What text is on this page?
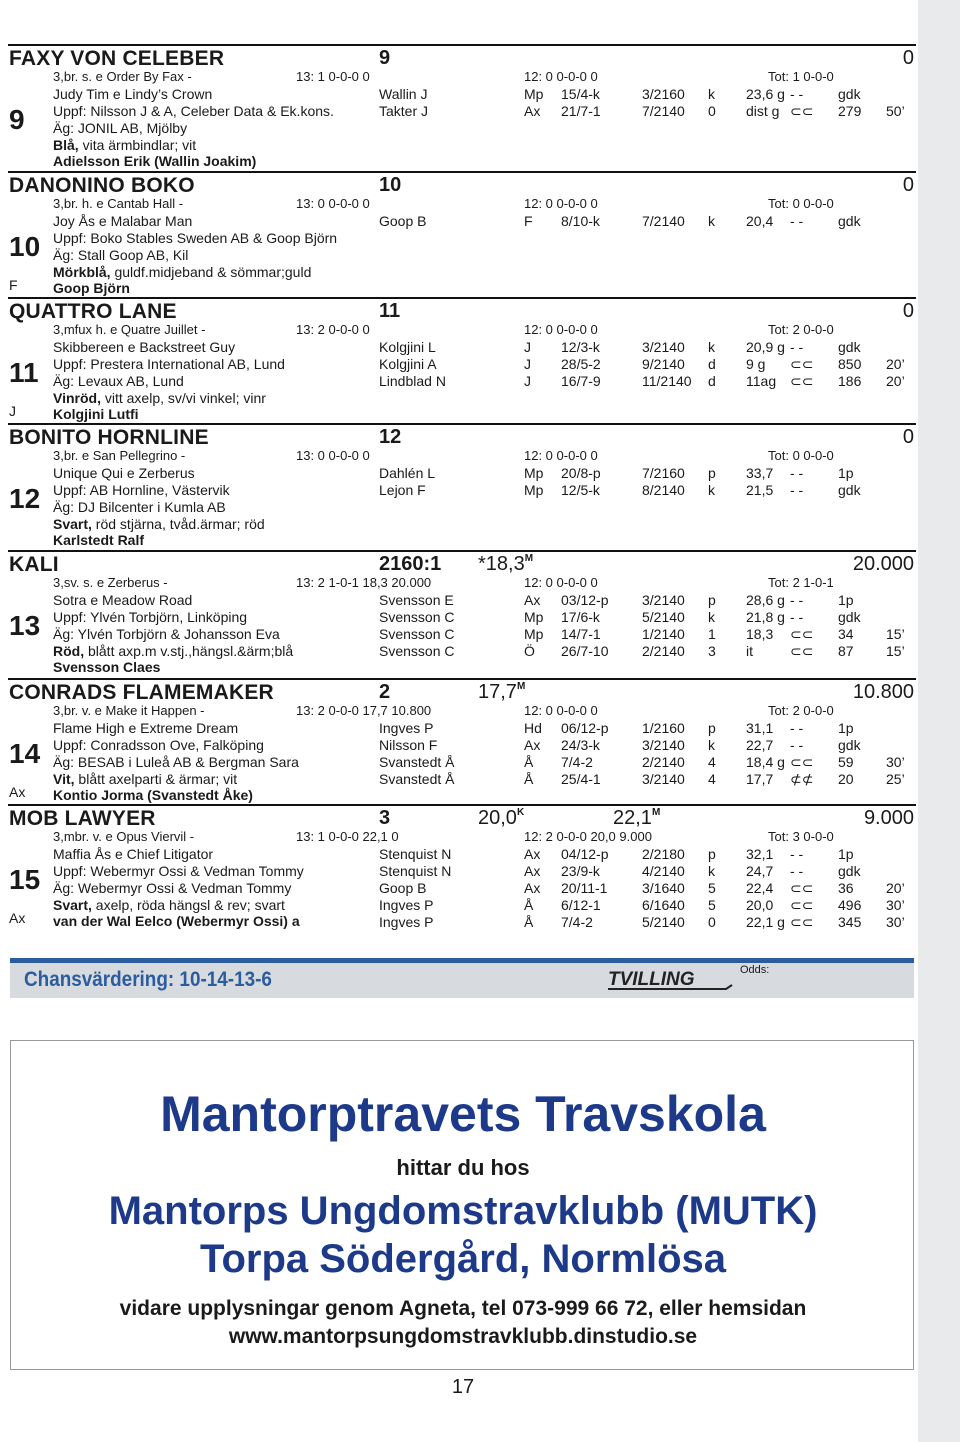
FAXY VON CELEBER	9	0
3,br. s. e Order By Fax -	13: 1 0-0-0 0	12: 0 0-0-0 0	Tot: 1 0-0-0
Judy Tim e Lindy’s Crown
Uppf: Nilsson J & A, Celeber Data & Ek.kons.
Äg: JONIL AB, Mjölby
Blå, vita ärmbindlar; vit
Adielsson Erik (Wallin Joakim)
9
Wallin J	Mp 15/4-k	3/2160 k 23,6 g - - gdk
Takter J	Ax 21/7-1	7/2140 0 dist g ⊂⊂ 279 50’
DANONINO BOKO	10	0
3,br. h. e Cantab Hall -	13: 0 0-0-0 0	12: 0 0-0-0 0	Tot: 0 0-0-0
Joy Ås e Malabar Man
Uppf: Boko Stables Sweden AB & Goop Björn
Äg: Stall Goop AB, Kil
Mörkblå, guldf.midjeband & sömmar;guld
Goop Björn
10
F
Goop B	F 8/10-k	7/2140 k 20,4 - - gdk
QUATTRO LANE	11	0
3,mfux h. e Quatre Juillet -	13: 2 0-0-0 0	12: 0 0-0-0 0	Tot: 2 0-0-0
Skibbereen e Backstreet Guy
Uppf: Prestera International AB, Lund
Äg: Levaux AB, Lund
Vinröd, vitt axelp, sv/vi vinkel; vinr
Kolgjini Lutfi
11
J
Kolgjini L	J 12/3-k	3/2140 k 20,9 g - - gdk
Kolgjini A	J 28/5-2	9/2140 d 9 g ⊂⊂ 850 20’
Lindblad N	J 16/7-9	11/2140 d 11ag ⊂⊂ 186 20’
BONITO HORNLINE	12	0
3,br. e San Pellegrino -	13: 0 0-0-0 0	12: 0 0-0-0 0	Tot: 0 0-0-0
Unique Qui e Zerberus
Uppf: AB Hornline, Västervik
Äg: DJ Bilcenter i Kumla AB
Svart, röd stjärna, tvåd.ärmar; röd
Karlstedt Ralf
12
Dahlén L	Mp 20/8-p	7/2160 p 33,7 - - 1p
Lejon F	Mp 12/5-k	8/2140 k 21,5 - - gdk
KALI	2160:1 $*18,3^M$	20.000
3,sv. s. e Zerberus -	13: 2 1-0-1 18,3 20.000	12: 0 0-0-0 0	Tot: 2 1-0-1
Sotra e Meadow Road
Uppf: Ylvén Torbjörn, Linköping
Äg: Ylvén Torbjörn & Johansson Eva
Röd, blått axp.m v.stj.,hängsl.&ärm;blå
Svensson Claes
13
Svensson E	Ax 03/12-p 3/2140 p 28,6 g - - 1p
Svensson C	Mp 17/6-k	5/2140 k 21,8 g - - gdk
Svensson C	Mp 14/7-1	1/2140 1 18,3 ⊂⊂ 34 15’
Svensson C	Ö 26/7-10 2/2140 3 it	⊂⊂ 87 15’
CONRADS FLAMEMAKER	2	$17,7^M$	10.800
3,br. v. e Make it Happen -	13: 2 0-0-0 17,7 10.800	12: 0 0-0-0 0	Tot: 2 0-0-0
Flame High e Extreme Dream
Uppf: Conradsson Ove, Falköping
Äg: BESAB i Luleå AB & Bergman Sara
Vit, blått axelparti & ärmar; vit
Kontio Jorma (Svanstedt Åke)
14
Ax
Ingves P	Hd 06/12-p 1/2160 p 31,1 - - 1p
Nilsson F	Ax 24/3-k	3/2140 k 22,7 - - gdk
Svanstedt Å	Å 7/4-2	2/2140 4 18,4 g ⊂⊂ 59 30’
Svanstedt Å	Å 25/4-1	3/2140 4 17,7 ⊄⊄ 20 25’
MOB LAWYER	3	$20,0^K$	$22,1^M$	9.000
3,mbr. v. e Opus Viervil -	13: 1 0-0-0 22,1 0	12: 2 0-0-0 20,0 9.000	Tot: 3 0-0-0
Maffia Ås e Chief Litigator
Uppf: Webermyr Ossi & Vedman Tommy
Äg: Webermyr Ossi & Vedman Tommy
Svart, axelp, röda hängsl & rev; svart
van der Wal Eelco (Webermyr Ossi) a
15
Ax
Stenquist N	Ax 04/12-p 2/2180 p 32,1 - - 1p
Stenquist N	Ax 23/9-k	4/2140 k 24,7 - - gdk
Goop B	Ax 20/11-1 3/1640 5 22,4 ⊂⊂ 36 20’
Ingves P	Å 6/12-1	6/1640 5 20,0 ⊂⊂ 496 30’
Ingves P	Å 7/4-2	5/2140 0 22,1 g ⊂⊂ 345 30’
Chansvärdering: 10-14-13-6	TVILLING	Odds:
Mantorptravets Travskola
hittar du hos
Mantorps Ungdomstravklubb (MUTK)
Torpa Södergård, Normlösa
vidare upplysningar genom Agneta, tel 073-999 66 72, eller hemsidan
www.mantorpsungdomstravklubb.dinstudio.se
17
